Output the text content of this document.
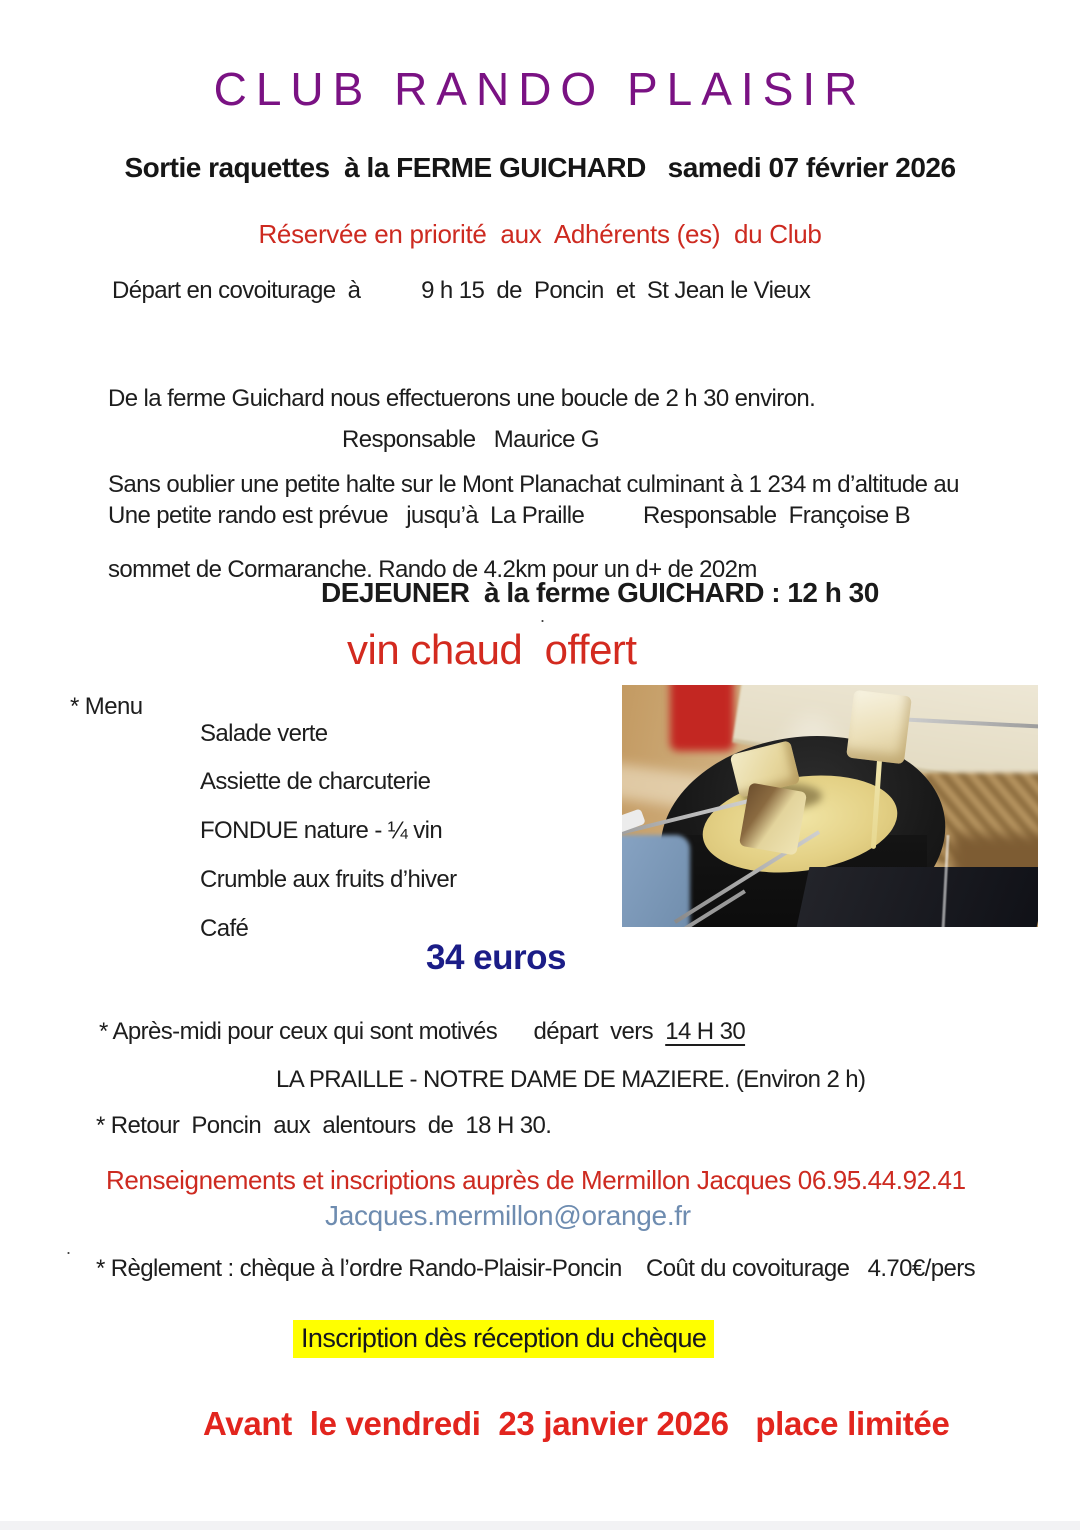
CLUB RANDO PLAISIR
Sortie raquettes  à la FERME GUICHARD   samedi 07 février 2026
Réservée en priorité  aux  Adhérents (es)  du Club
Départ en covoiturage  à          9 h 15  de  Poncin  et  St Jean le Vieux

De la ferme Guichard nous effectuerons une boucle de 2 h 30 environ.

Sans oublier une petite halte sur le Mont Planachat culminant à 1 234 m d’altitude au

sommet de Cormaranche. Rando de 4.2km pour un d+ de 202m

Responsable   Maurice G
Une petite rando est prévue   jusqu’à  La Praille Responsable  Françoise B
DEJEUNER  à la ferme GUICHARD : 12 h 30
.
vin chaud  offert
* Menu
Salade verte
Assiette de charcuterie
FONDUE nature - ¼ vin
Crumble aux fruits d’hiver
Café
34 euros
* Après-midi pour ceux qui sont motivés      départ  vers  14 H 30
LA PRAILLE - NOTRE DAME DE MAZIERE. (Environ 2 h)
* Retour  Poncin  aux  alentours  de  18 H 30.
Renseignements et inscriptions auprès de Mermillon Jacques 06.95.44.92.41
Jacques.mermillon@orange.fr
.
* Règlement : chèque à l’ordre Rando-Plaisir-Poncin    Coût du covoiturage   4.70€/pers
Inscription dès réception du chèque
Avant  le vendredi  23 janvier 2026   place limitée
